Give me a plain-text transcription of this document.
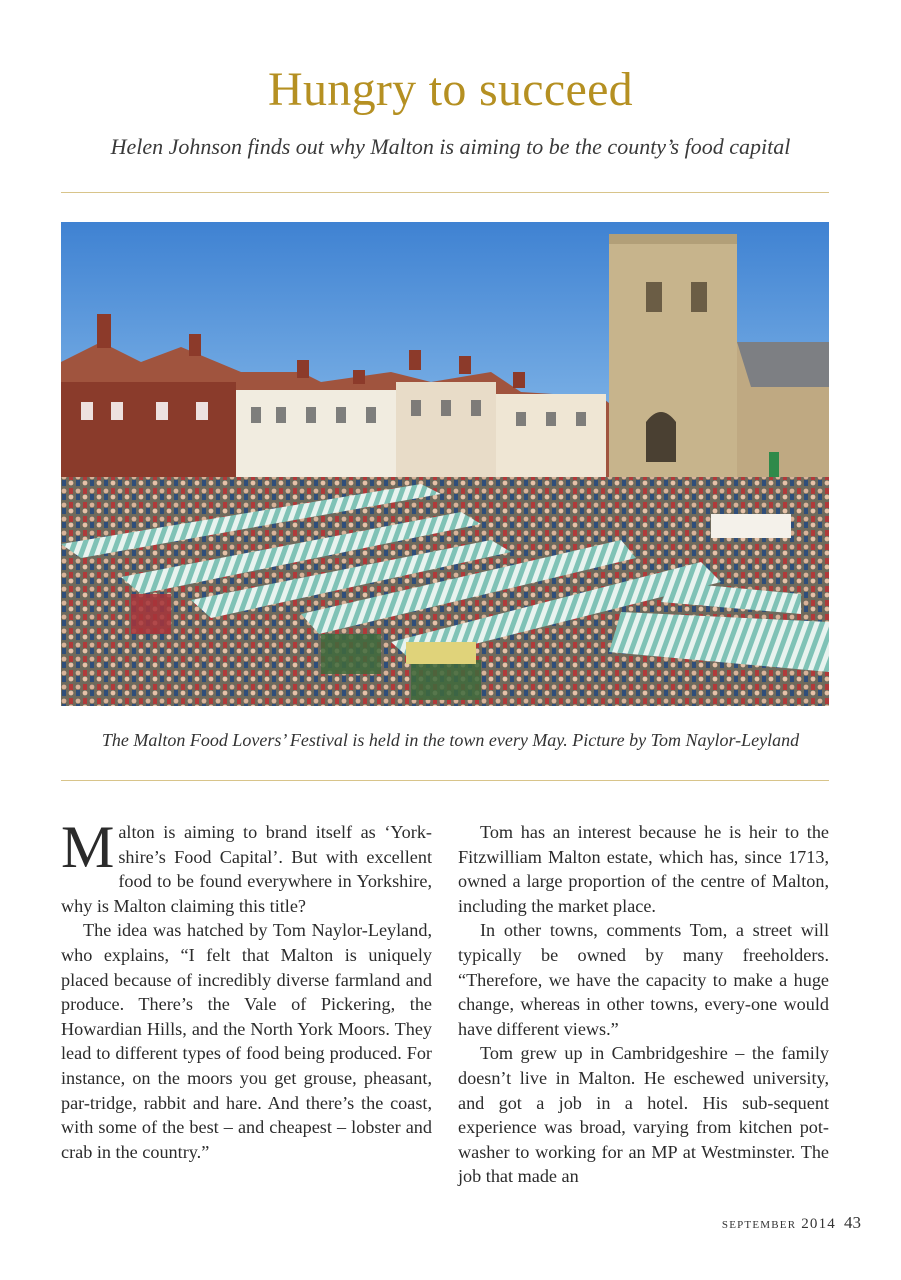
Hungry to succeed
Helen Johnson finds out why Malton is aiming to be the county’s food capital
The Malton Food Lovers’ Festival is held in the town every May. Picture by Tom Naylor-Leyland

Malton is aiming to brand itself as ‘York-shire’s Food Capital’. But with excellent food to be found everywhere in Yorkshire, why is Malton claiming this title?

The idea was hatched by Tom Naylor-Leyland, who explains, “I felt that Malton is uniquely placed because of incredibly diverse farmland and produce. There’s the Vale of Pickering, the Howardian Hills, and the North York Moors. They lead to different types of food being produced. For instance, on the moors you get grouse, pheasant, par-tridge, rabbit and hare. And there’s the coast, with some of the best – and cheapest – lobster and crab in the country.”

Tom has an interest because he is heir to the Fitzwilliam Malton estate, which has, since 1713, owned a large proportion of the centre of Malton, including the market place.

In other towns, comments Tom, a street will typically be owned by many freeholders. “Therefore, we have the capacity to make a huge change, whereas in other towns, every-one would have different views.”

Tom grew up in Cambridgeshire – the family doesn’t live in Malton. He eschewed university, and got a job in a hotel. His sub-sequent experience was broad, varying from kitchen pot-washer to working for an MP at Westminster. The job that made an

september 2014 43
